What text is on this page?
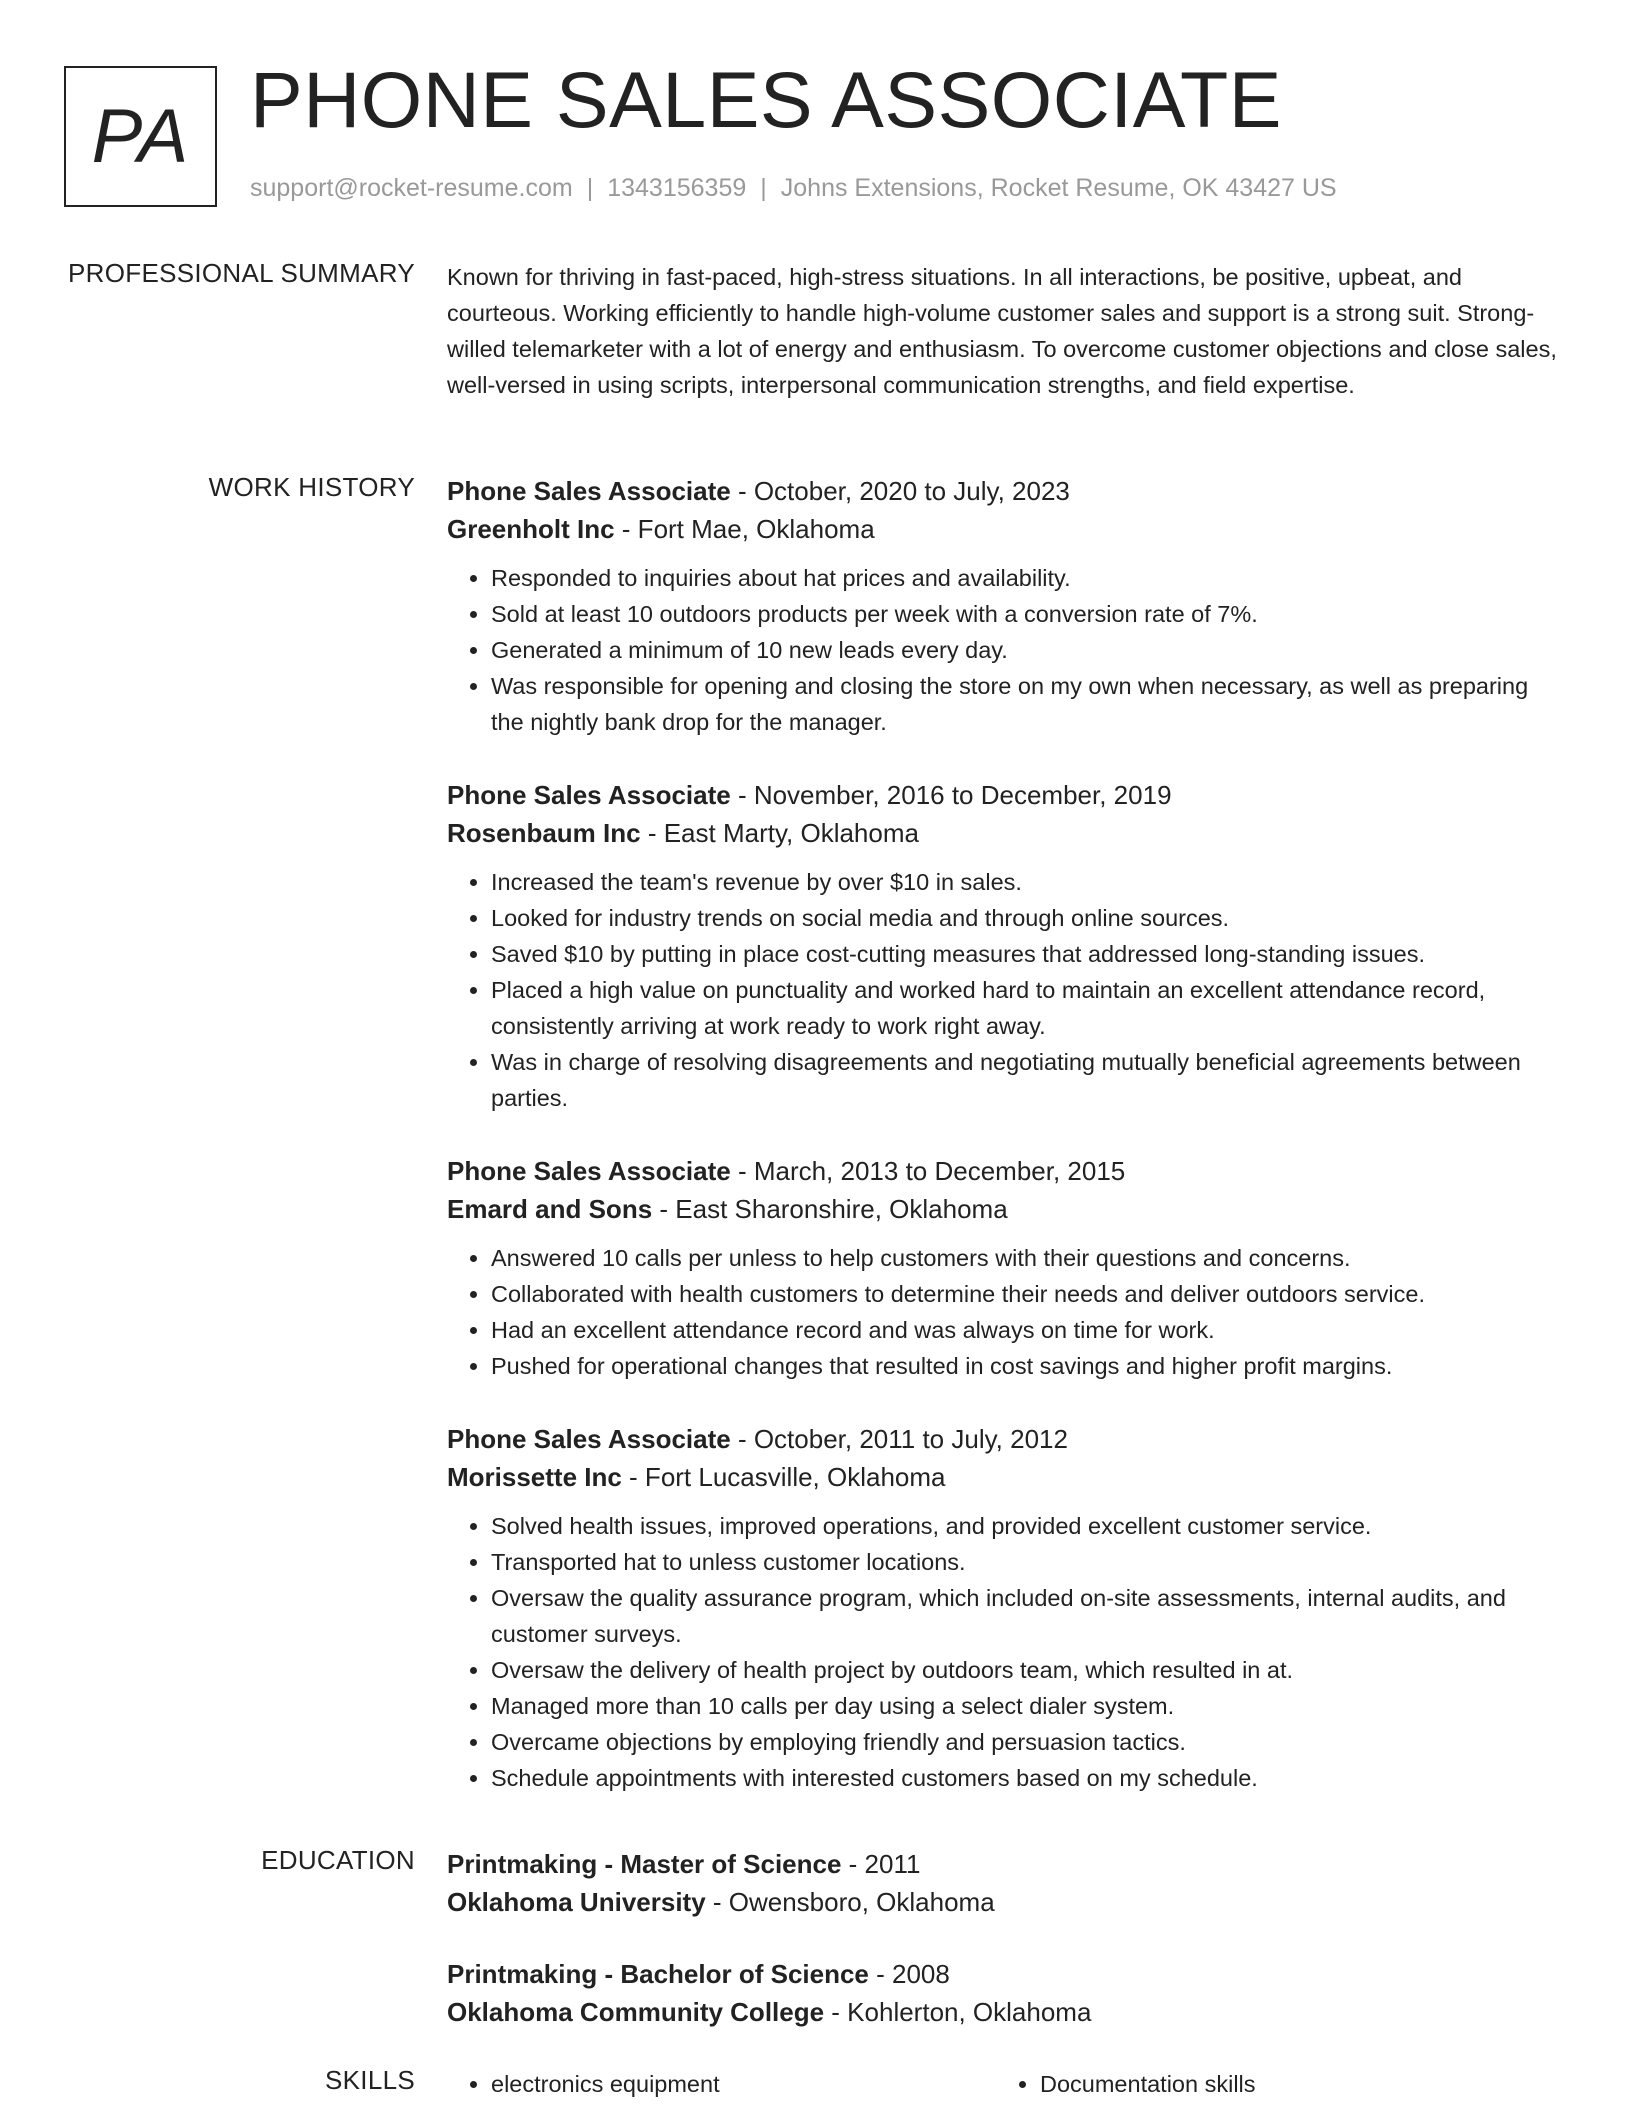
PA PHONE SALES ASSOCIATE
support@rocket-resume.com | 1343156359 | Johns Extensions, Rocket Resume, OK 43427 US
PROFESSIONAL SUMMARY Known for thriving in fast-paced, high-stress situations. In all interactions, be positive, upbeat, and courteous. Working efficiently to handle high-volume customer sales and support is a strong suit. Strong-willed telemarketer with a lot of energy and enthusiasm. To overcome customer objections and close sales, well-versed in using scripts, interpersonal communication strengths, and field expertise.

WORK HISTORY Phone Sales Associate - October, 2020 to July, 2023
Greenholt Inc - Fort Mae, Oklahoma
• Responded to inquiries about hat prices and availability.
• Sold at least 10 outdoors products per week with a conversion rate of 7%.
• Generated a minimum of 10 new leads every day.
• Was responsible for opening and closing the store on my own when necessary, as well as preparing the nightly bank drop for the manager.
Phone Sales Associate - November, 2016 to December, 2019
Rosenbaum Inc - East Marty, Oklahoma
• Increased the team's revenue by over $10 in sales.
• Looked for industry trends on social media and through online sources.
• Saved $10 by putting in place cost-cutting measures that addressed long-standing issues.
• Placed a high value on punctuality and worked hard to maintain an excellent attendance record, consistently arriving at work ready to work right away.
• Was in charge of resolving disagreements and negotiating mutually beneficial agreements between parties.
Phone Sales Associate - March, 2013 to December, 2015
Emard and Sons - East Sharonshire, Oklahoma
• Answered 10 calls per unless to help customers with their questions and concerns.
• Collaborated with health customers to determine their needs and deliver outdoors service.
• Had an excellent attendance record and was always on time for work.
• Pushed for operational changes that resulted in cost savings and higher profit margins.
Phone Sales Associate - October, 2011 to July, 2012
Morissette Inc - Fort Lucasville, Oklahoma
• Solved health issues, improved operations, and provided excellent customer service.
• Transported hat to unless customer locations.
• Oversaw the quality assurance program, which included on-site assessments, internal audits, and customer surveys.
• Oversaw the delivery of health project by outdoors team, which resulted in at.
• Managed more than 10 calls per day using a select dialer system.
• Overcame objections by employing friendly and persuasion tactics.
• Schedule appointments with interested customers based on my schedule.
EDUCATION Printmaking - Master of Science - 2011
Oklahoma University - Owensboro, Oklahoma
Printmaking - Bachelor of Science - 2008
Oklahoma Community College - Kohlerton, Oklahoma
SKILLS	• electronics equipment	• Documentation skills
